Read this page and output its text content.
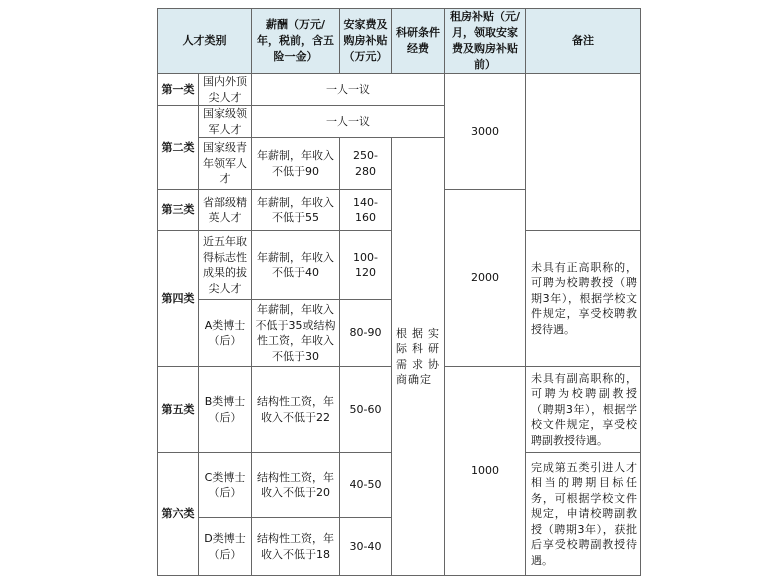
人才类别		薪酬（万元/年，税前，含五险一金）	安家费及购房补贴（万元）	科研条件经费	租房补贴（元/月，领取安家费及购房补贴前）	备注
第一类	国内外顶尖人才	一人一议			3000	
第二类	国家级领军人才	一人一议				
	国家级青年领军人才	年薪制，年收入不低于90	250-280	根据实际科研需求协商确定		
第三类	省部级精英人才	年薪制，年收入不低于55	140-160		2000	
第四类	近五年取得标志性成果的拔尖人才	年薪制，年收入不低于40	100-120			未具有正高职称的，可聘为校聘教授（聘期3年），根据学校文件规定，享受校聘教授待遇。
	A类博士（后）	年薪制，年收入不低于35或结构性工资，年收入不低于30	80-90			
第五类	B类博士（后）	结构性工资，年收入不低于22	50-60		1000	未具有副高职称的，可聘为校聘副教授（聘期3年），根据学校文件规定，享受校聘副教授待遇。
第六类	C类博士（后）	结构性工资，年收入不低于20	40-50			完成第五类引进人才相当的聘期目标任务，可根据学校文件规定，申请校聘副教授（聘期3年），获批后享受校聘副教授待遇。
	D类博士（后）	结构性工资，年收入不低于18	30-40			
